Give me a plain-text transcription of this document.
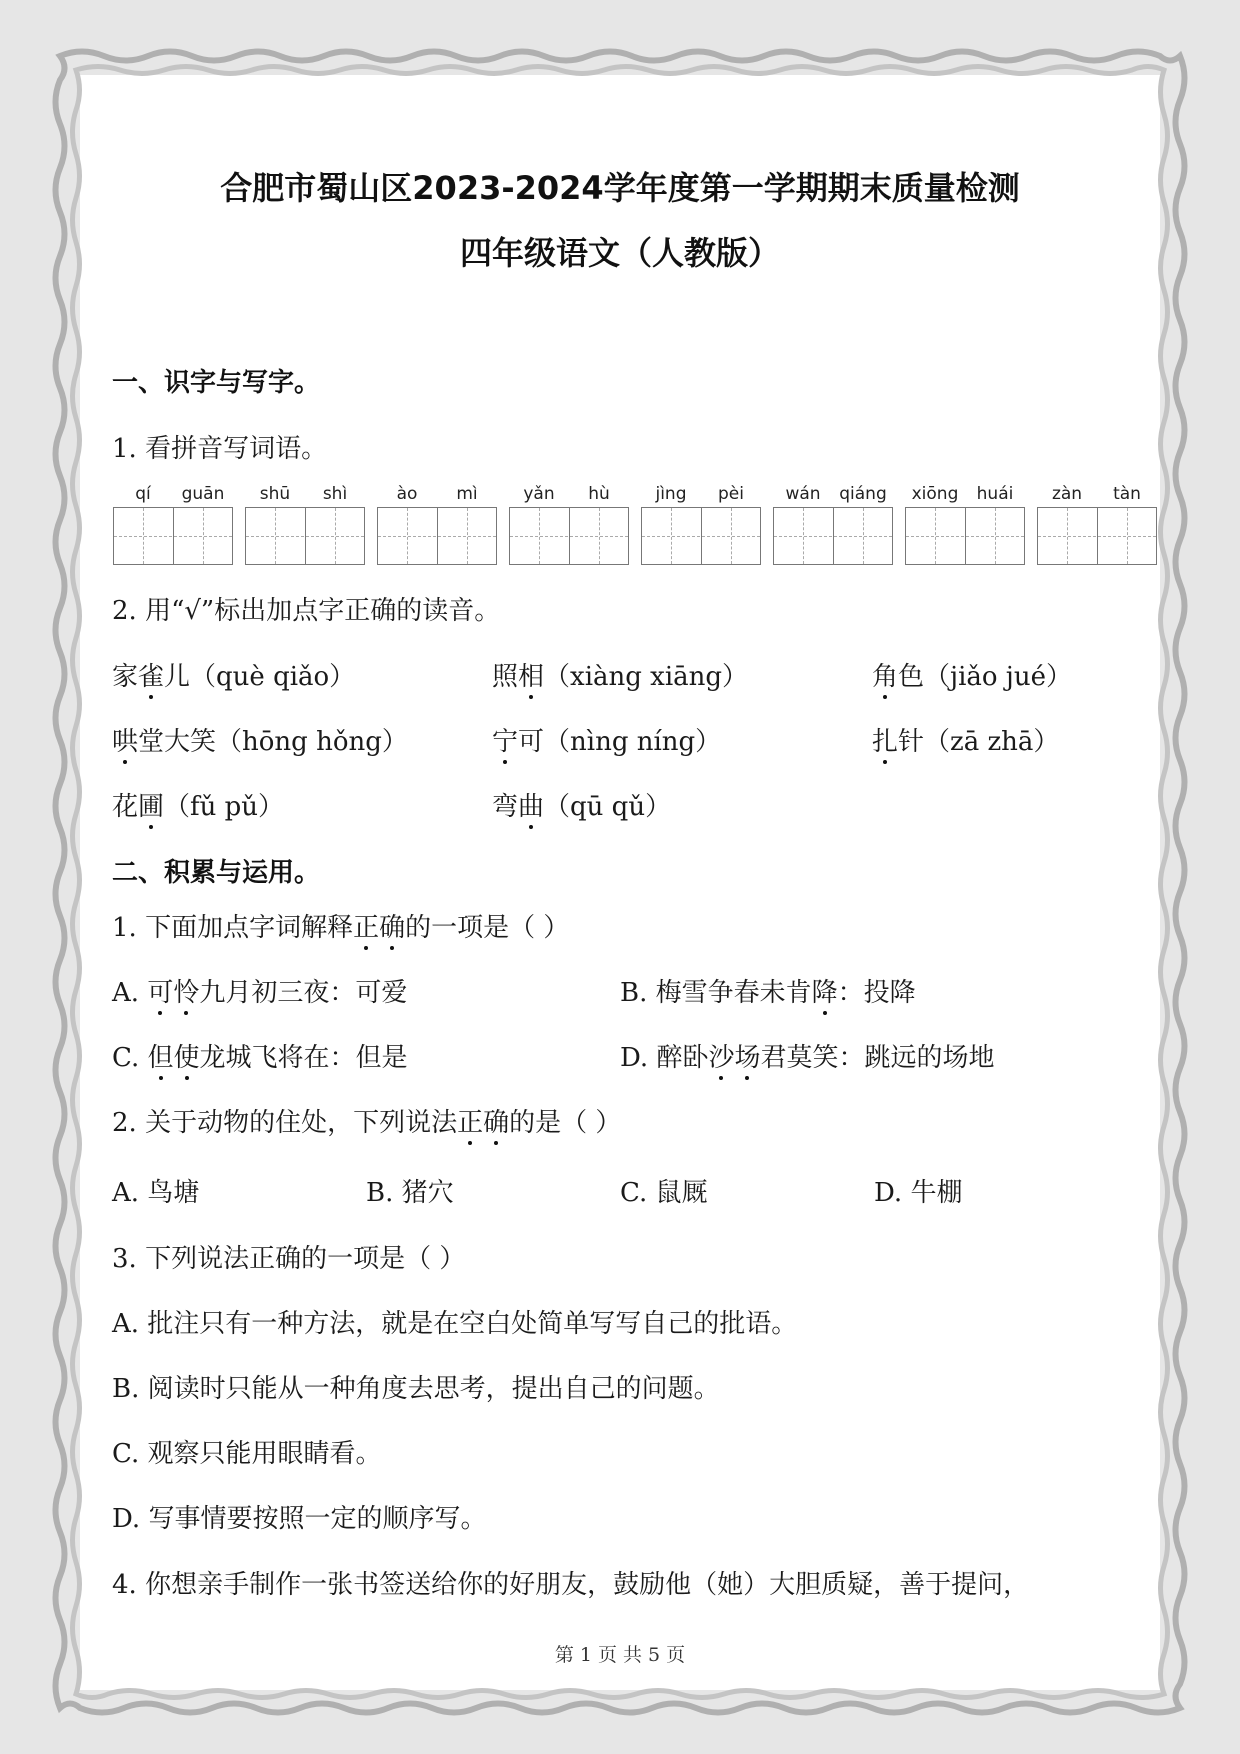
合肥市蜀山区2023-2024学年度第一学期期末质量检测
四年级语文（人教版）
一、识字与写字。
1. 看拼音写词语。
qí	guān	shū	shì	ào	mì	yǎn	hù	jìng	pèi	wán	qiáng	xiōng	huái	zàn	tàn
2. 用“√”标出加点字正确的读音。
家雀儿（què qiǎo）	照相（xiàng xiāng）	角色（jiǎo jué）
哄堂大笑（hōng hǒng）	宁可（nìng níng）	扎针（zā zhā）
花圃（fǔ pǔ）	弯曲（qū qǔ）
二、积累与运用。
1. 下面加点字词解释正确的一项是（ ）
A. 可怜九月初三夜：可爱	B. 梅雪争春未肯降：投降
C. 但使龙城飞将在：但是	D. 醉卧沙场君莫笑：跳远的场地
2. 关于动物的住处，下列说法正确的是（ ）
A. 鸟塘	B. 猪穴	C. 鼠厩	D. 牛棚
3. 下列说法正确的一项是（ ）
A. 批注只有一种方法，就是在空白处简单写写自己的批语。
B. 阅读时只能从一种角度去思考，提出自己的问题。
C. 观察只能用眼睛看。
D. 写事情要按照一定的顺序写。
4. 你想亲手制作一张书签送给你的好朋友，鼓励他（她）大胆质疑，善于提问，
第 1 页 共 5 页
